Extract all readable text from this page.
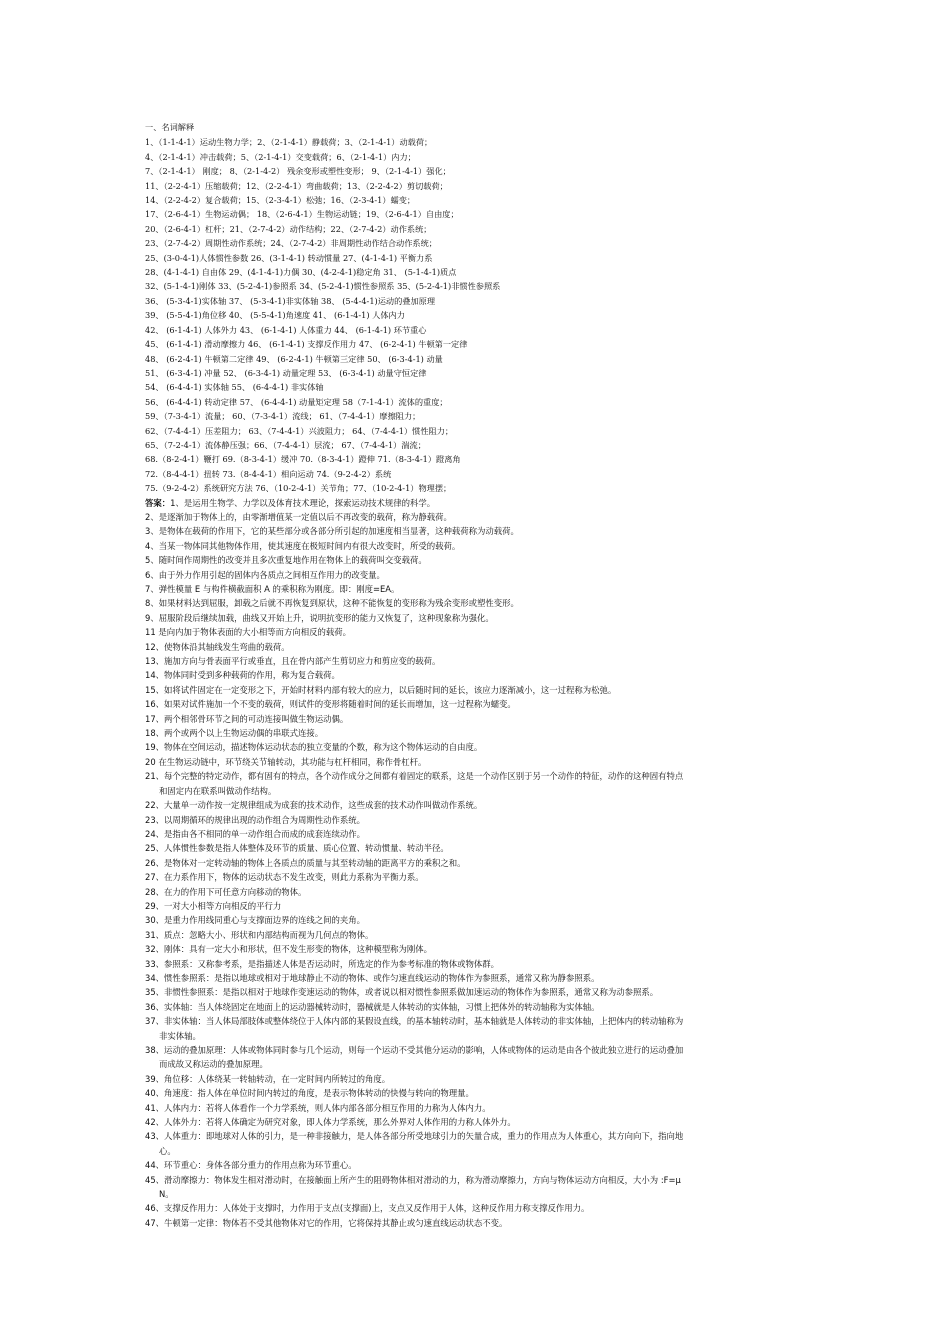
一、名词解释
1、（1-1-4-1）运动生物力学；2、（2-1-4-1）静载荷；3、（2-1-4-1）动载荷；
4、（2-1-4-1）冲击载荷；5、（2-1-4-1）交变载荷；6、（2-1-4-1）内力；
7、（2-1-4-1） 刚度； 8、（2-1-4-2） 残余变形或塑性变形； 9、（2-1-4-1）强化；
11、（2-2-4-1）压缩载荷；12、（2-2-4-1）弯曲载荷；13、（2-2-4-2）剪切载荷；
14、（2-2-4-2）复合载荷；15、（2-3-4-1）松弛；16、（2-3-4-1）蠕变；
17、（2-6-4-1）生物运动偶； 18、（2-6-4-1）生物运动链；19、（2-6-4-1）自由度；
20、（2-6-4-1）杠杆；21、（2-7-4-2）动作结构；22、（2-7-4-2）动作系统；
23、（2-7-4-2）周期性动作系统；24、（2-7-4-2）非周期性动作结合动作系统；
25、(3-0-4-1)人体惯性参数 26、(3-1-4-1) 转动惯量 27、(4-1-4-1) 平衡力系
28、(4-1-4-1) 自由体 29、(4-1-4-1)力偶 30、(4-2-4-1)稳定角 31、 (5-1-4-1)质点
32、(5-1-4-1)刚体 33、(5-2-4-1)参照系 34、(5-2-4-1)惯性参照系 35、(5-2-4-1)非惯性参照系
36、 (5-3-4-1)实体轴 37、 (5-3-4-1)非实体轴 38、 (5-4-4-1)运动的叠加原理
39、 (5-5-4-1)角位移 40、 (5-5-4-1)角速度 41、 (6-1-4-1) 人体内力
42、 (6-1-4-1) 人体外力 43、 (6-1-4-1) 人体重力 44、 (6-1-4-1) 环节重心
45、 (6-1-4-1) 滑动摩擦力 46、 (6-1-4-1) 支撑反作用力 47、 (6-2-4-1) 牛顿第一定律
48、 (6-2-4-1) 牛顿第二定律 49、 (6-2-4-1) 牛顿第三定律 50、 (6-3-4-1) 动量
51、 (6-3-4-1) 冲量 52、 (6-3-4-1) 动量定理 53、 (6-3-4-1) 动量守恒定律
54、 (6-4-4-1) 实体轴 55、 (6-4-4-1) 非实体轴
56、 (6-4-4-1) 转动定律 57、 (6-4-4-1) 动量矩定理 58（7-1-4-1）流体的重度；
59、（7-3-4-1）流量； 60、（7-3-4-1）流线； 61、（7-4-4-1）摩擦阻力；
62、（7-4-4-1）压差阻力； 63、（7-4-4-1）兴波阻力； 64、（7-4-4-1）惯性阻力；
65、（7-2-4-1）流体静压强；66、（7-4-4-1）层流； 67、（7-4-4-1）湍流；
68.（8-2-4-1）鞭打 69.（8-3-4-1）缓冲 70.（8-3-4-1）蹬伸 71.（8-3-4-1）蹬离角
72.（8-4-4-1）扭转 73.（8-4-4-1）相向运动 74.（9-2-4-2）系统
75.（9-2-4-2）系统研究方法 76、（10-2-4-1）关节角；77、（10-2-4-1）物理摆；
答案：1、是运用生物学、力学以及体育技术理论，探索运动技术规律的科学。
2、是逐渐加于物体上的，由零渐增值某一定值以后不再改变的载荷，称为静载荷。
3、是物体在载荷的作用下，它的某些部分或各部分所引起的加速度相当显著，这种载荷称为动载荷。
4、当某一物体同其他物体作用，使其速度在极短时间内有很大改变时，所受的载荷。
5、随时间作周期性的改变并且多次重复地作用在物体上的载荷叫交变载荷。
6、由于外力作用引起的固体内各质点之间相互作用力的改变量。
7、弹性模量 E 与构件横截面积 A 的乘积称为刚度。即：刚度=EA。
8、如果材料达到屈服，卸载之后就不再恢复到原状，这种不能恢复的变形称为残余变形或塑性变形。
9、屈服阶段后继续加载，曲线又开始上升，说明抗变形的能力又恢复了，这种现象称为强化。
11 是向内加于物体表面的大小相等而方向相反的载荷。
12、使物体沿其轴线发生弯曲的载荷。
13、施加方向与骨表面平行或垂直，且在骨内部产生剪切应力和剪应变的载荷。
14、物体同时受到多种载荷的作用，称为复合载荷。
15、如将试件固定在一定变形之下，开始时材料内部有较大的应力，以后随时间的延长，该应力逐渐减小，这一过程称为松弛。
16、如果对试件施加一个不变的载荷，则试件的变形将随着时间的延长而增加，这一过程称为蠕变。
17、两个相邻骨环节之间的可动连接叫做生物运动偶。
18、两个或两个以上生物运动偶的串联式连接。
19、物体在空间运动，描述物体运动状态的独立变量的个数，称为这个物体运动的自由度。
20 在生物运动链中，环节绕关节轴转动，其功能与杠杆相同，称作骨杠杆。
21、每个完整的特定动作，都有固有的特点，各个动作成分之间都有着固定的联系，这是一个动作区别于另一个动作的特征，动作的这种固有特点
和固定内在联系叫做动作结构。
22、大量单一动作按一定规律组成为成套的技术动作，这些成套的技术动作叫做动作系统。
23、以周期循环的规律出现的动作组合为周期性动作系统。
24、是指由各不相同的单一动作组合而成的成套连续动作。
25、人体惯性参数是指人体整体及环节的质量、质心位置、转动惯量、转动半径。
26、是物体对一定转动轴的物体上各质点的质量与其至转动轴的距离平方的乘积之和。
27、在力系作用下，物体的运动状态不发生改变，则此力系称为平衡力系。
28、在力的作用下可任意方向移动的物体。
29、一对大小相等方向相反的平行力
30、是重力作用线同重心与支撑面边界的连线之间的夹角。
31、质点：忽略大小、形状和内部结构而视为几何点的物体。
32、刚体：具有一定大小和形状，但不发生形变的物体，这种模型称为刚体。
33、参照系：又称参考系，是指描述人体是否运动时，所选定的作为参考标准的物体或物体群。
34、惯性参照系：是指以地球或相对于地球静止不动的物体、或作匀速直线运动的物体作为参照系，通常又称为静参照系。
35、非惯性参照系：是指以相对于地球作变速运动的物体，或者说以相对惯性参照系做加速运动的物体作为参照系，通常又称为动参照系。
36、实体轴：当人体绕固定在地面上的运动器械转动时，器械就是人体转动的实体轴，习惯上把体外的转动轴称为实体轴。
37、非实体轴：当人体局部肢体或整体绕位于人体内部的某假设直线，的基本轴转动时，基本轴就是人体转动的非实体轴，上把体内的转动轴称为
非实体轴。
38、运动的叠加原理：人体或物体同时参与几个运动，则每一个运动不受其他分运动的影响，人体或物体的运动是由各个彼此独立进行的运动叠加
而成故又称运动的叠加原理。
39、角位移：人体绕某一转轴转动，在一定时间内所转过的角度。
40、角速度：指人体在单位时间内转过的角度，是表示物体转动的快慢与转向的物理量。
41、人体内力：若将人体看作一个力学系统，则人体内部各部分相互作用的力称为人体内力。
42、人体外力：若将人体确定为研究对象，即人体力学系统，那么外界对人体作用的力称人体外力。
43、人体重力：即地球对人体的引力，是一种非接触力，是人体各部分所受地球引力的矢量合成，重力的作用点为人体重心，其方向向下，指向地
心。
44、环节重心：身体各部分重力的作用点称为环节重心。
45、滑动摩擦力：物体发生相对滑动时，在接触面上所产生的阻碍物体相对滑动的力，称为滑动摩擦力，方向与物体运动方向相反，大小为 :F=μ
N。
46、支撑反作用力：人体处于支撑时，力作用于支点(支撑面)上，支点又反作用于人体，这种反作用力称支撑反作用力。
47、牛顿第一定律：物体若不受其他物体对它的作用，它将保持其静止或匀速直线运动状态不变。
